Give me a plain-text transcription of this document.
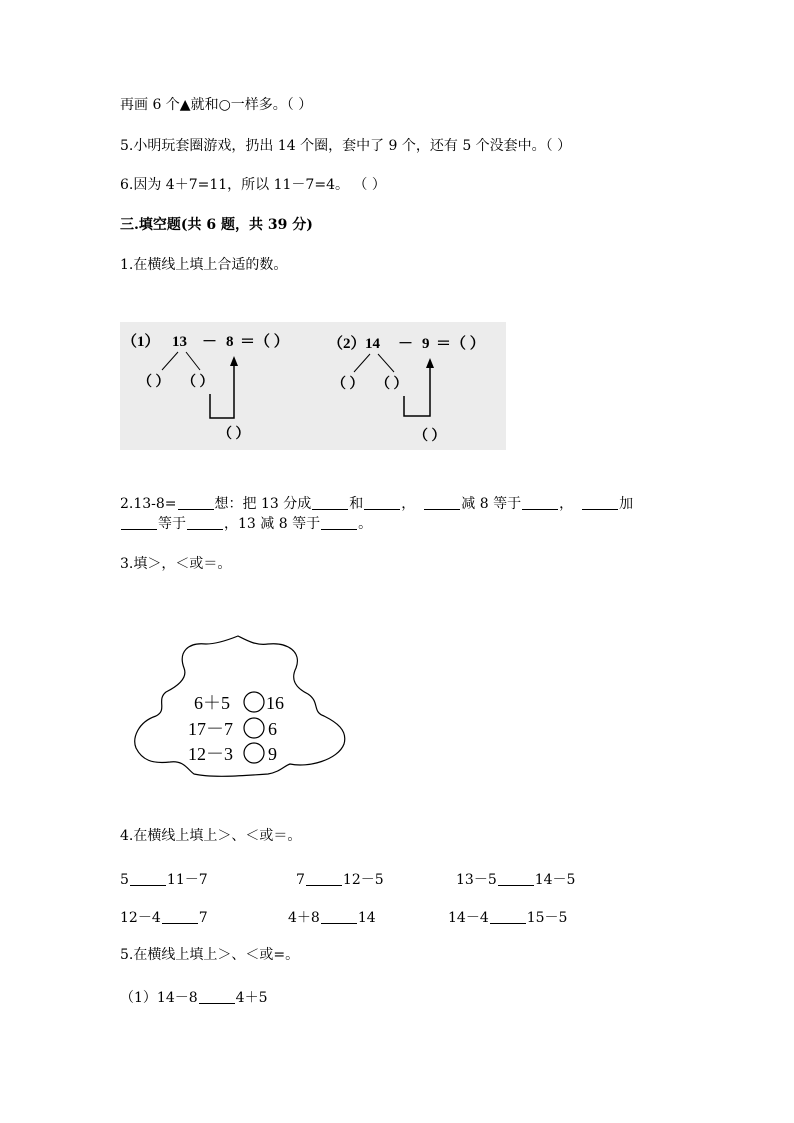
再画 6 个▲就和○一样多。（ ）
5.小明玩套圈游戏，扔出 14 个圈，套中了 9 个，还有 5 个没套中。（ ）
6.因为 4＋7=11，所以 11－7=4。 （ ）
三.填空题(共 6 题，共 39 分)
1.在横线上填上合适的数。
（1） 13 － 8 ＝（ ）
（ ） （ ）
（ ）
（2） 14 － 9 ＝（ ）
（ ） （ ）
（ ）
2.13-8=	想：把 13 分成	和	，	减 8 等于	，	加
等于	，13 减 8 等于	。
3.填＞，＜或＝。
6＋5 16
17－7 6
12－3 9
4.在横线上填上＞、＜或＝。
5	11－7	7	12－5	13－5	14－5
12－4	7	4＋8	14	14－4	15－5
5.在横线上填上＞、＜或=。
（1）14－8	4＋5
